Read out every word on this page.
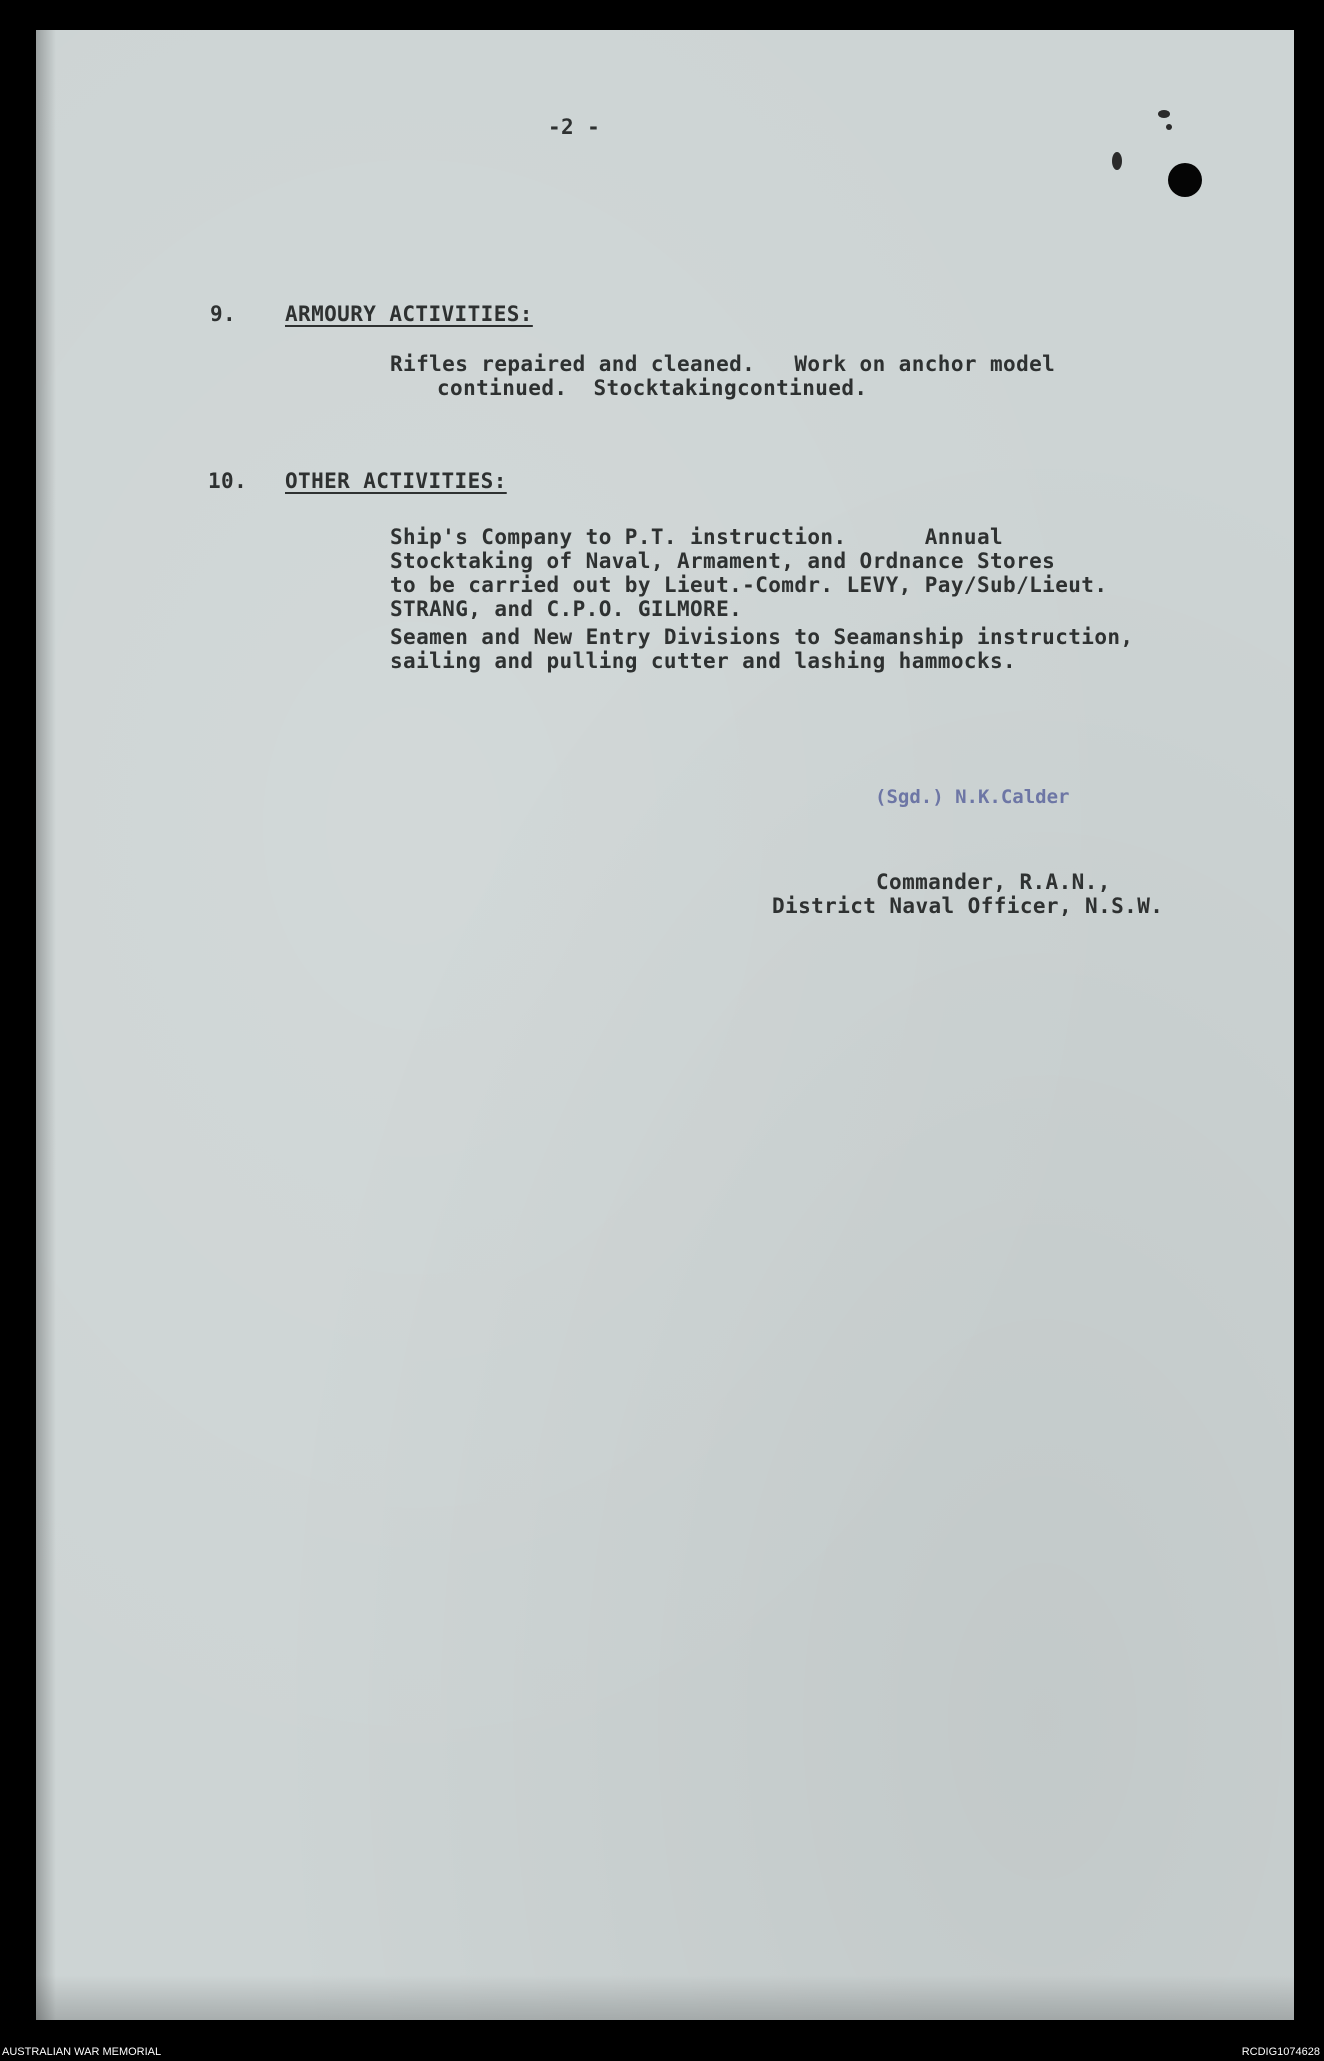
-2 -
9. ARMOURY ACTIVITIES:
Rifles repaired and cleaned.   Work on anchor model
continued.  Stocktakingcontinued.
10. OTHER ACTIVITIES:
Ship's Company to P.T. instruction.      Annual
Stocktaking of Naval, Armament, and Ordnance Stores
to be carried out by Lieut.-Comdr. LEVY, Pay/Sub/Lieut.
STRANG, and C.P.O. GILMORE.
Seamen and New Entry Divisions to Seamanship instruction,
sailing and pulling cutter and lashing hammocks.
(Sgd.) N.K.Calder
Commander, R.A.N.,
District Naval Officer, N.S.W.
AUSTRALIAN WAR MEMORIAL	RCDIG1074628
